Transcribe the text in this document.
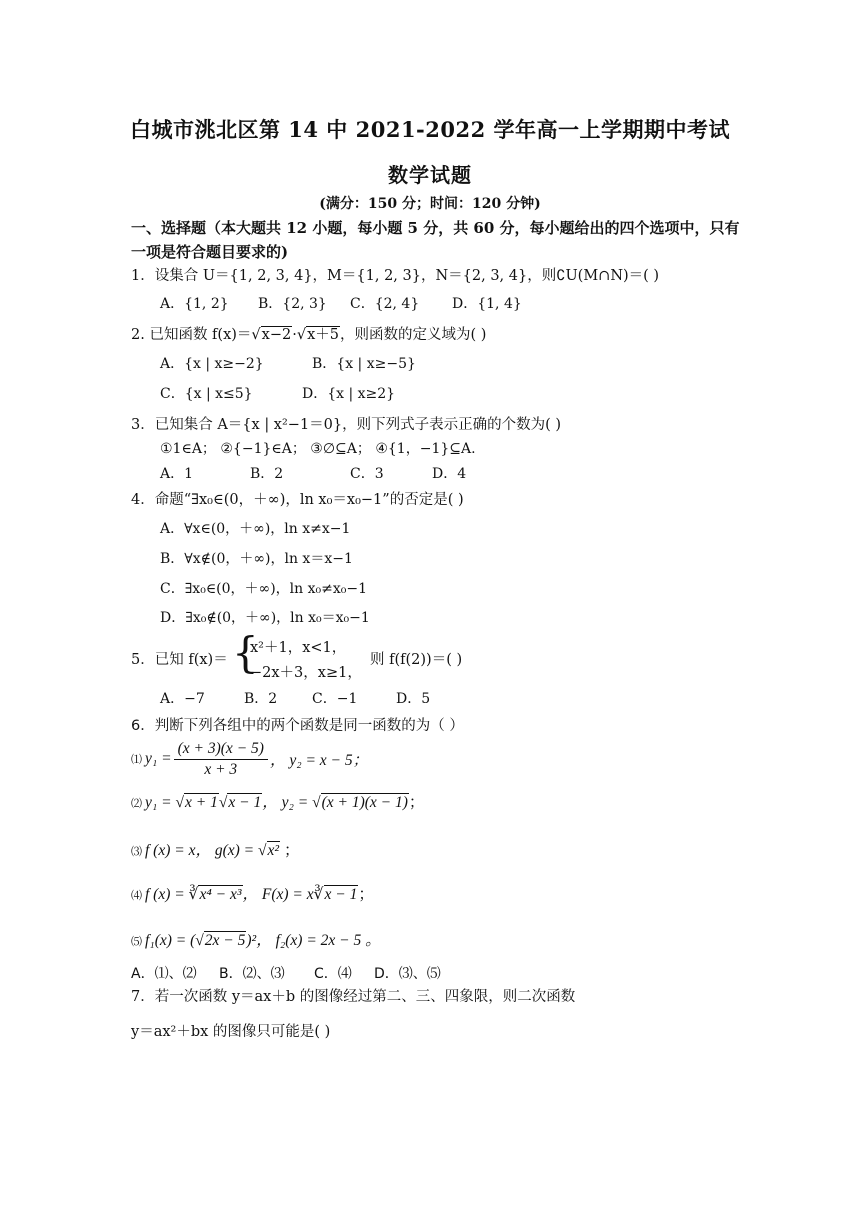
白城市洮北区第 14 中 2021-2022 学年高一上学期期中考试
数学试题
(满分：150 分；时间：120 分钟)
一、选择题（本大题共 12 小题，每小题 5 分，共 60 分，每小题给出的四个选项中，只有
一项是符合题目要求的)
1．设集合 U＝{1, 2, 3, 4}，M＝{1, 2, 3}，N＝{2, 3, 4}，则∁U(M∩N)＝( )
A．{1, 2} B．{2, 3} C．{2, 4} D．{1, 4}
2. 已知函数 f(x)＝√x−2·√x＋5，则函数的定义域为( )
A．{x | x≥−2}	B．{x | x≥−5}
C．{x | x≤5}	D．{x | x≥2}
3．已知集合 A＝{x | x²−1＝0}，则下列式子表示正确的个数为( )
①1∈A； ②{−1}∈A； ③∅⊆A； ④{1，−1}⊆A.
A．1	B．2	C．3	D．4
4．命题“∃x₀∈(0，＋∞)，ln x₀＝x₀−1”的否定是( )
A．∀x∈(0，＋∞)，ln x≠x−1
B．∀x∉(0，＋∞)，ln x＝x−1
C．∃x₀∈(0，＋∞)，ln x₀≠x₀−1
D．∃x₀∉(0，＋∞)，ln x₀＝x₀−1
5．已知 f(x)＝ {
x²＋1，x<1，
−2x＋3，x≥1，
则 f(f(2))＝( )
A．−7	B．2 C．−1	D．5
6．判断下列各组中的两个函数是同一函数的为（ ）
⑴ $y_1 = \frac{(x + 3)(x - 5)}{x + 3}$ ， y₂ = x − 5；
⑵ y₁ = √x + 1√x − 1， y₂ = √(x + 1)(x − 1)；
⑶ f (x) = x， g(x) = √x² ；
⑷ f (x) = ∛x⁴ − x³， F(x) = x∛x − 1；
⑸ f₁(x) = (√2x − 5)²， f₂(x) = 2x − 5 。
A．⑴、⑵ B．⑵、⑶ C．⑷ D．⑶、⑸
7．若一次函数 y＝ax＋b 的图像经过第二、三、四象限，则二次函数
y＝ax²＋bx 的图像只可能是( )
